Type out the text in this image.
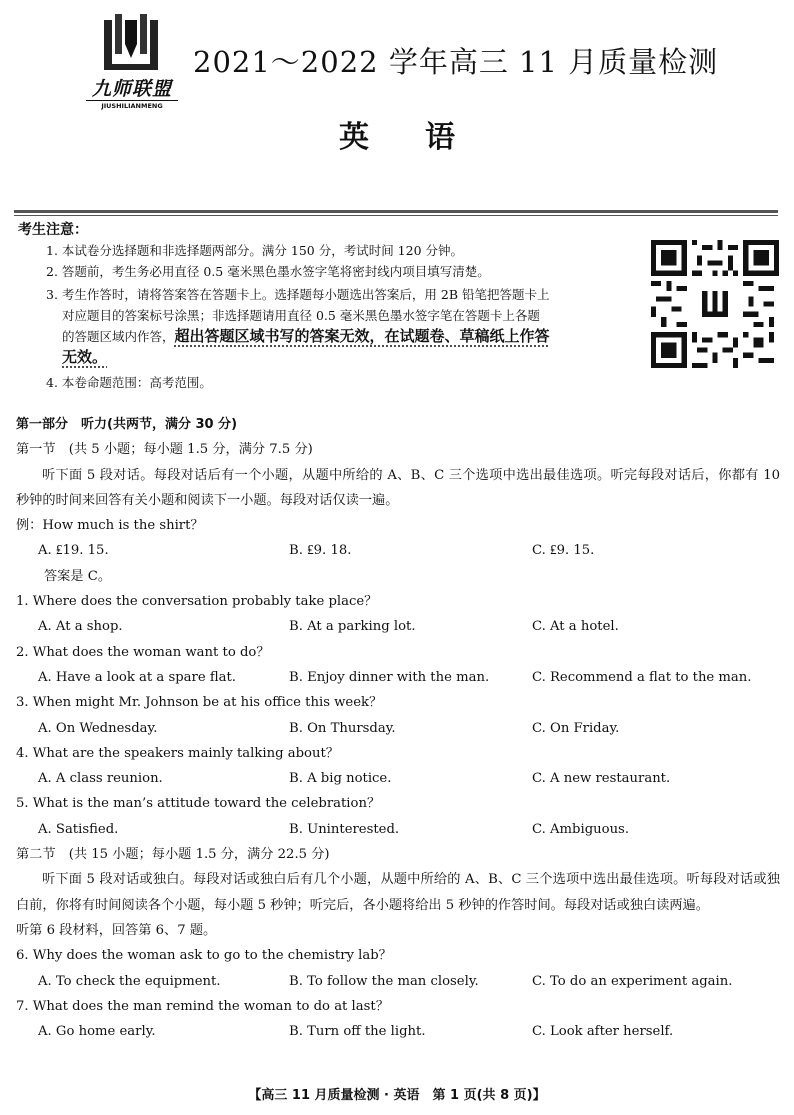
九师联盟
JIUSHILIANMENG
2021～2022 学年高三 11 月质量检测
英 语
考生注意：
1. 本试卷分选择题和非选择题两部分。满分 150 分，考试时间 120 分钟。
2. 答题前，考生务必用直径 0.5 毫米黑色墨水签字笔将密封线内项目填写清楚。
3. 考生作答时，请将答案答在答题卡上。选择题每小题选出答案后，用 2B 铅笔把答题卡上
对应题目的答案标号涂黑；非选择题请用直径 0.5 毫米黑色墨水签字笔在答题卡上各题
的答题区域内作答，超出答题区域书写的答案无效，在试题卷、草稿纸上作答
无效。
4. 本卷命题范围：高考范围。
第一部分　听力(共两节，满分 30 分)
第一节　(共 5 小题；每小题 1.5 分，满分 7.5 分)
听下面 5 段对话。每段对话后有一个小题，从题中所给的 A、B、C 三个选项中选出最佳选项。听完每段对话后，你都有 10 秒钟的时间来回答有关小题和阅读下一小题。每段对话仅读一遍。
例：How much is the shirt？
A. ₤19. 15.	B. ₤9. 18.	C. ₤9. 15.
答案是 C。
1. Where does the conversation probably take place？
A. At a shop.	B. At a parking lot.	C. At a hotel.
2. What does the woman want to do？
A. Have a look at a spare flat.	B. Enjoy dinner with the man.	C. Recommend a flat to the man.
3. When might Mr. Johnson be at his office this week？
A. On Wednesday.	B. On Thursday.	C. On Friday.
4. What are the speakers mainly talking about？
A. A class reunion.	B. A big notice.	C. A new restaurant.
5. What is the man’s attitude toward the celebration？
A. Satisfied.	B. Uninterested.	C. Ambiguous.
第二节　(共 15 小题；每小题 1.5 分，满分 22.5 分)
听下面 5 段对话或独白。每段对话或独白后有几个小题，从题中所给的 A、B、C 三个选项中选出最佳选项。听每段对话或独白前，你将有时间阅读各个小题，每小题 5 秒钟；听完后，各小题将给出 5 秒钟的作答时间。每段对话或独白读两遍。
听第 6 段材料，回答第 6、7 题。
6. Why does the woman ask to go to the chemistry lab？
A. To check the equipment.	B. To follow the man closely.	C. To do an experiment again.
7. What does the man remind the woman to do at last？
A. Go home early.	B. Turn off the light.	C. Look after herself.
【高三 11 月质量检测 · 英语　第 1 页(共 8 页)】
